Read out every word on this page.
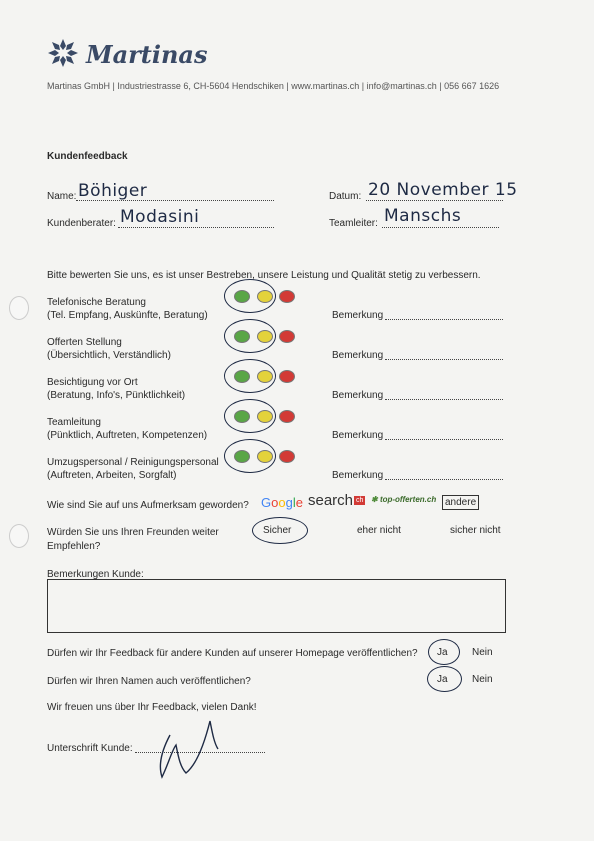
Martinas
Martinas GmbH | Industriestrasse 6, CH-5604 Hendschiken | www.martinas.ch | info@martinas.ch | 056 667 1626
Kundenfeedback
Name: Böhiger	Datum: 20 November 15
Kundenberater: Modasini	Teamleiter: Manschs
Bitte bewerten Sie uns, es ist unser Bestreben, unsere Leistung und Qualität stetig zu verbessern.
Telefonische Beratung
(Tel. Empfang, Auskünfte, Beratung)	Bemerkung
Offerten Stellung
(Übersichtlich, Verständlich)	Bemerkung
Besichtigung vor Ort
(Beratung, Info's, Pünktlichkeit)	Bemerkung
Teamleitung
(Pünktlich, Auftreten, Kompetenzen)	Bemerkung
Umzugspersonal / Reinigungspersonal
(Auftreten, Arbeiten, Sorgfalt)	Bemerkung
Wie sind Sie auf uns Aufmerksam geworden? Google search ch ✱ top-offerten.ch andere
Würden Sie uns Ihren Freunden weiter
Empfehlen?
Sicher	eher nicht	sicher nicht
Bemerkungen Kunde:
Dürfen wir Ihr Feedback für andere Kunden auf unserer Homepage veröffentlichen? Ja Nein
Dürfen wir Ihren Namen auch veröffentlichen?	Ja Nein
Wir freuen uns über Ihr Feedback, vielen Dank!
Unterschrift Kunde:
